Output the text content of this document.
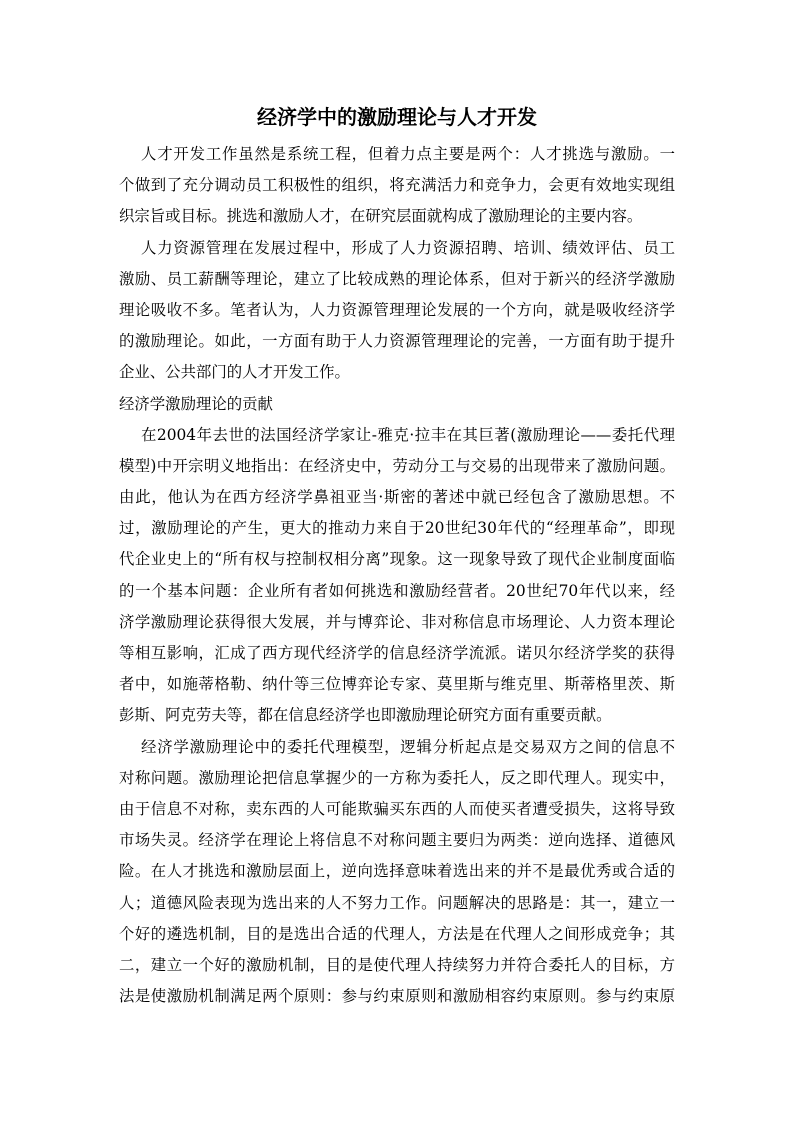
经济学中的激励理论与人才开发
人才开发工作虽然是系统工程，但着力点主要是两个：人才挑选与激励。一
个做到了充分调动员工积极性的组织，将充满活力和竞争力，会更有效地实现组
织宗旨或目标。挑选和激励人才，在研究层面就构成了激励理论的主要内容。
人力资源管理在发展过程中，形成了人力资源招聘、培训、绩效评估、员工
激励、员工薪酬等理论，建立了比较成熟的理论体系，但对于新兴的经济学激励
理论吸收不多。笔者认为，人力资源管理理论发展的一个方向，就是吸收经济学
的激励理论。如此，一方面有助于人力资源管理理论的完善，一方面有助于提升
企业、公共部门的人才开发工作。
经济学激励理论的贡献
在2004年去世的法国经济学家让-雅克·拉丰在其巨著(激励理论——委托代理
模型)中开宗明义地指出：在经济史中，劳动分工与交易的出现带来了激励问题。
由此，他认为在西方经济学鼻祖亚当·斯密的著述中就已经包含了激励思想。不
过，激励理论的产生，更大的推动力来自于20世纪30年代的“经理革命”，即现
代企业史上的“所有权与控制权相分离”现象。这一现象导致了现代企业制度面临
的一个基本问题：企业所有者如何挑选和激励经营者。20世纪70年代以来，经
济学激励理论获得很大发展，并与博弈论、非对称信息市场理论、人力资本理论
等相互影响，汇成了西方现代经济学的信息经济学流派。诺贝尔经济学奖的获得
者中，如施蒂格勒、纳什等三位博弈论专家、莫里斯与维克里、斯蒂格里茨、斯
彭斯、阿克劳夫等，都在信息经济学也即激励理论研究方面有重要贡献。
经济学激励理论中的委托代理模型，逻辑分析起点是交易双方之间的信息不
对称问题。激励理论把信息掌握少的一方称为委托人，反之即代理人。现实中，
由于信息不对称，卖东西的人可能欺骗买东西的人而使买者遭受损失，这将导致
市场失灵。经济学在理论上将信息不对称问题主要归为两类：逆向选择、道德风
险。在人才挑选和激励层面上，逆向选择意味着选出来的并不是最优秀或合适的
人；道德风险表现为选出来的人不努力工作。问题解决的思路是：其一，建立一
个好的遴选机制，目的是选出合适的代理人，方法是在代理人之间形成竞争；其
二，建立一个好的激励机制，目的是使代理人持续努力并符合委托人的目标，方
法是使激励机制满足两个原则：参与约束原则和激励相容约束原则。参与约束原
